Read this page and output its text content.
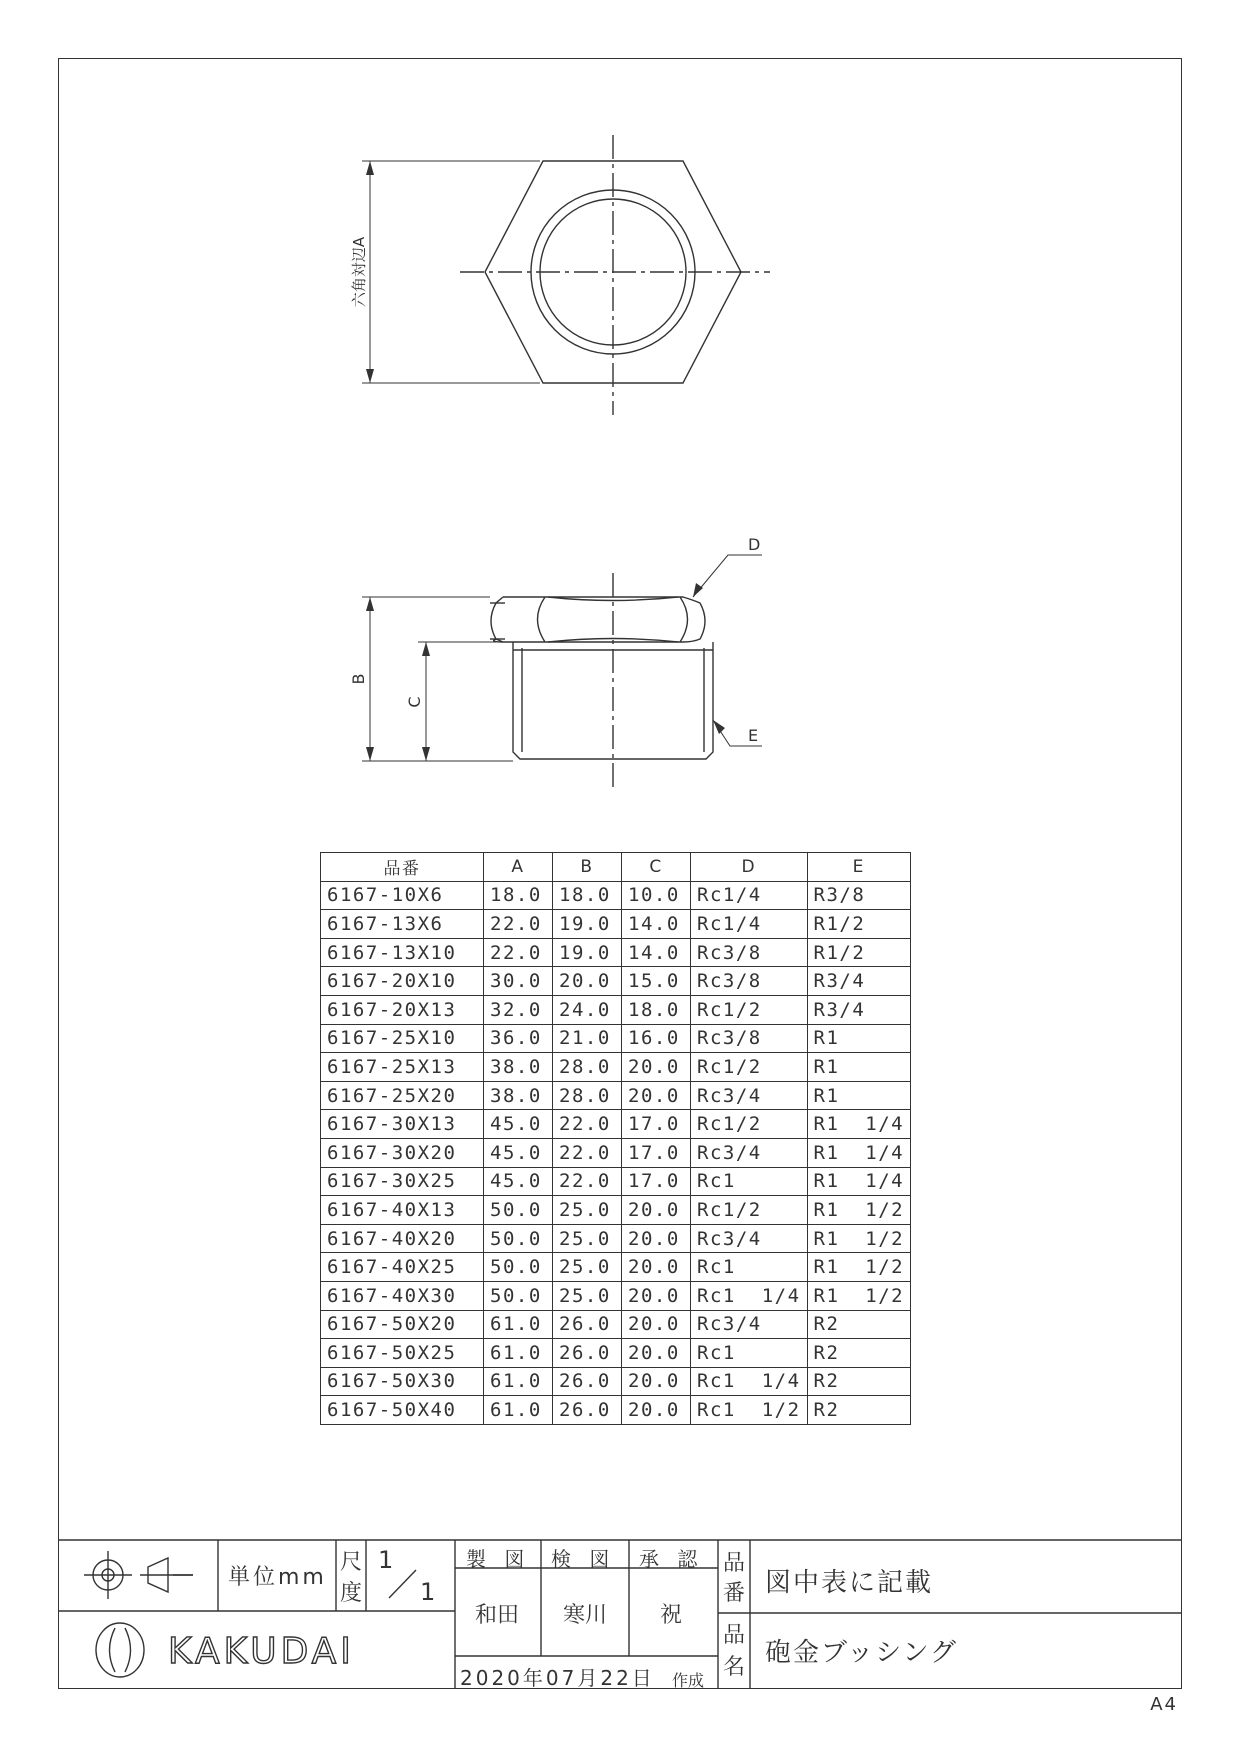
六角対辺A
B
C
D
E
品番	A	B	C	D	E
6167-10X6	18.0	18.0	10.0	Rc1/4	R3/8
6167-13X6	22.0	19.0	14.0	Rc1/4	R1/2
6167-13X10	22.0	19.0	14.0	Rc3/8	R1/2
6167-20X10	30.0	20.0	15.0	Rc3/8	R3/4
6167-20X13	32.0	24.0	18.0	Rc1/2	R3/4
6167-25X10	36.0	21.0	16.0	Rc3/8	R1
6167-25X13	38.0	28.0	20.0	Rc1/2	R1
6167-25X20	38.0	28.0	20.0	Rc3/4	R1
6167-30X13	45.0	22.0	17.0	Rc1/2	R1  1/4
6167-30X20	45.0	22.0	17.0	Rc3/4	R1  1/4
6167-30X25	45.0	22.0	17.0	Rc1	R1  1/4
6167-40X13	50.0	25.0	20.0	Rc1/2	R1  1/2
6167-40X20	50.0	25.0	20.0	Rc3/4	R1  1/2
6167-40X25	50.0	25.0	20.0	Rc1	R1  1/2
6167-40X30	50.0	25.0	20.0	Rc1  1/4	R1  1/2
6167-50X20	61.0	26.0	20.0	Rc3/4	R2
6167-50X25	61.0	26.0	20.0	Rc1	R2
6167-50X30	61.0	26.0	20.0	Rc1  1/4	R2
6167-50X40	61.0	26.0	20.0	Rc1  1/2	R2
単位mm
尺
度
1
1
製 図 検 図 承 認
和田 寒川 祝
品
番 図中表に記載
品
名 砲金ブッシング
2020年07月22日 作成
KAKUDAI
A4
